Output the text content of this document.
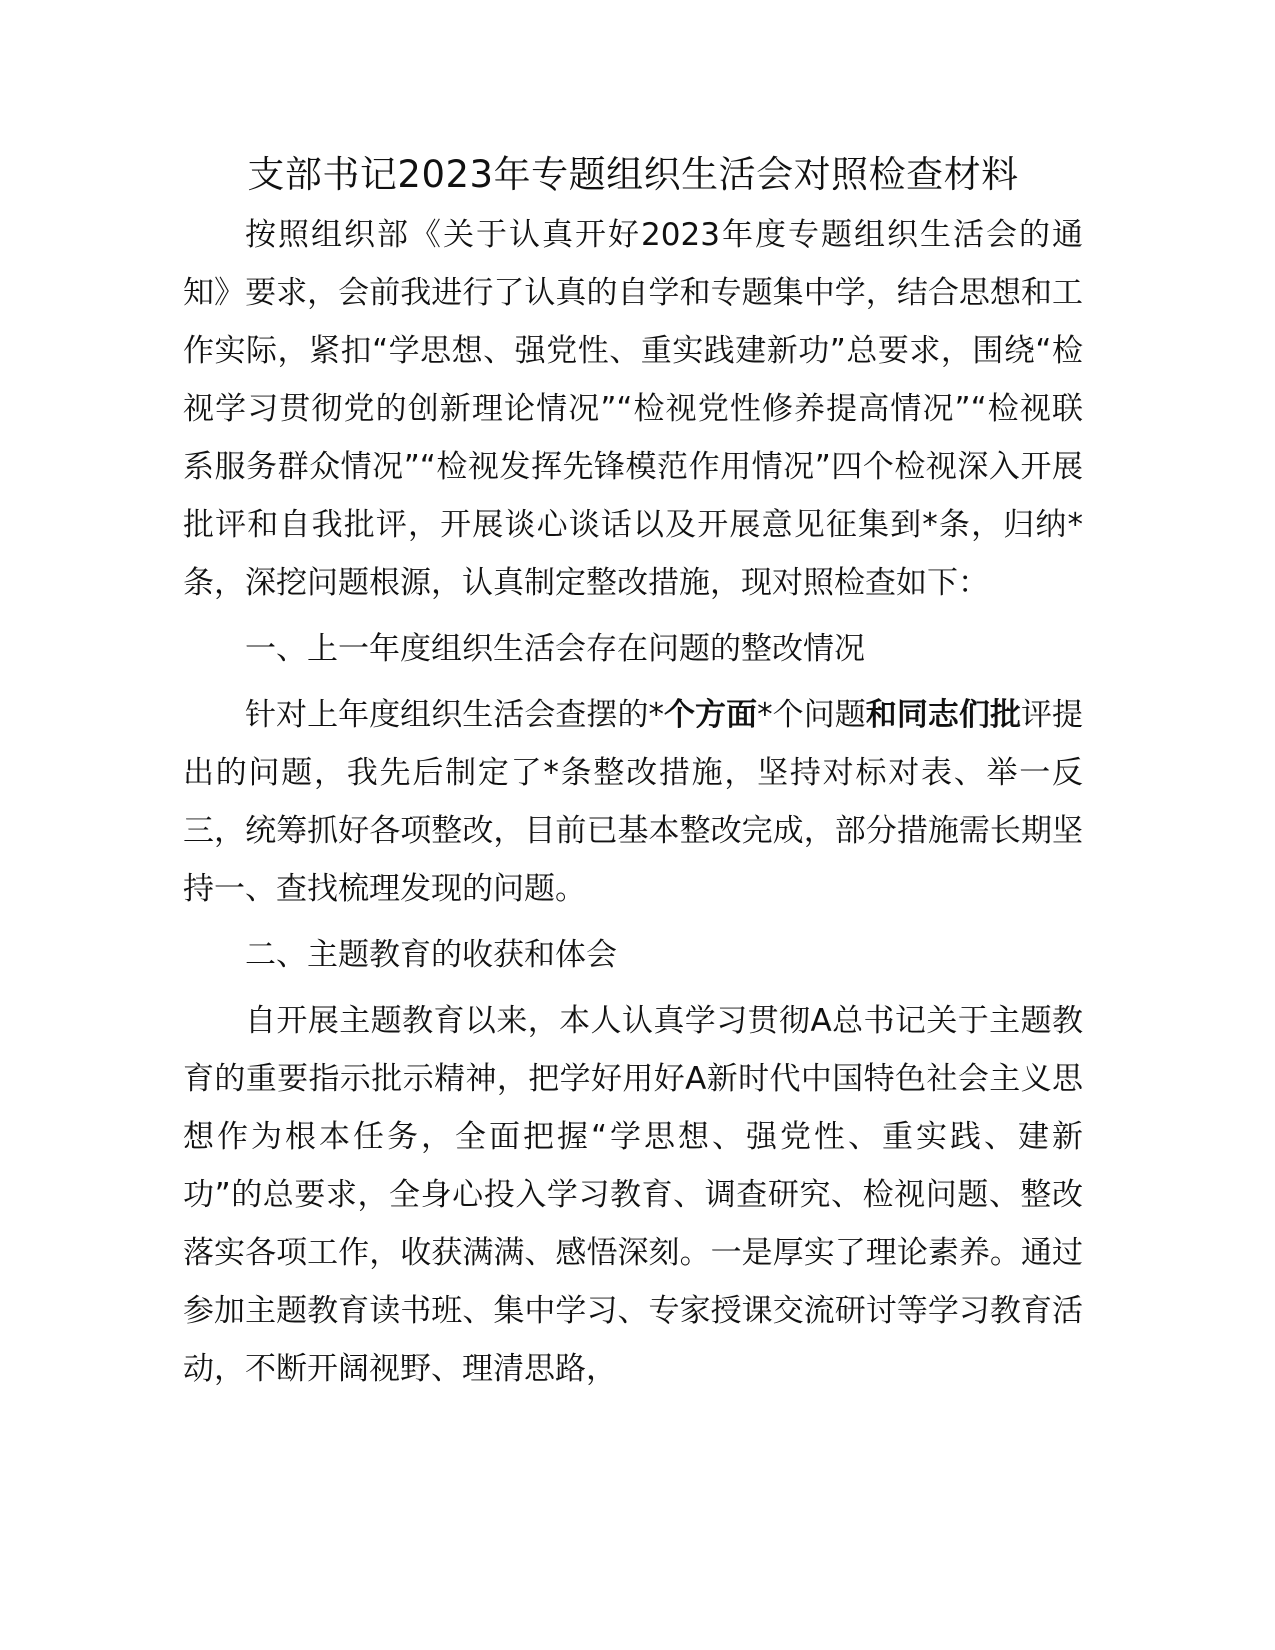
支部书记2023年专题组织生活会对照检查材料

按照组织部《关于认真开好2023年度专题组织生活会的通知》要求，会前我进行了认真的自学和专题集中学，结合思想和工作实际，紧扣“学思想、强党性、重实践建新功”总要求，围绕“检视学习贯彻党的创新理论情况”“检视党性修养提高情况”“检视联系服务群众情况”“检视发挥先锋模范作用情况”四个检视深入开展批评和自我批评，开展谈心谈话以及开展意见征集到*条，归纳*条，深挖问题根源，认真制定整改措施，现对照检查如下：

一、上一年度组织生活会存在问题的整改情况

针对上年度组织生活会查摆的*个方面*个问题和同志们批评提出的问题，我先后制定了*条整改措施，坚持对标对表、举一反三，统筹抓好各项整改，目前已基本整改完成，部分措施需长期坚持一、查找梳理发现的问题。

二、主题教育的收获和体会

自开展主题教育以来，本人认真学习贯彻A总书记关于主题教育的重要指示批示精神，把学好用好A新时代中国特色社会主义思想作为根本任务，全面把握“学思想、强党性、重实践、建新功”的总要求，全身心投入学习教育、调查研究、检视问题、整改落实各项工作，收获满满、感悟深刻。一是厚实了理论素养。通过参加主题教育读书班、集中学习、专家授课交流研讨等学习教育活动，不断开阔视野、理清思路，
